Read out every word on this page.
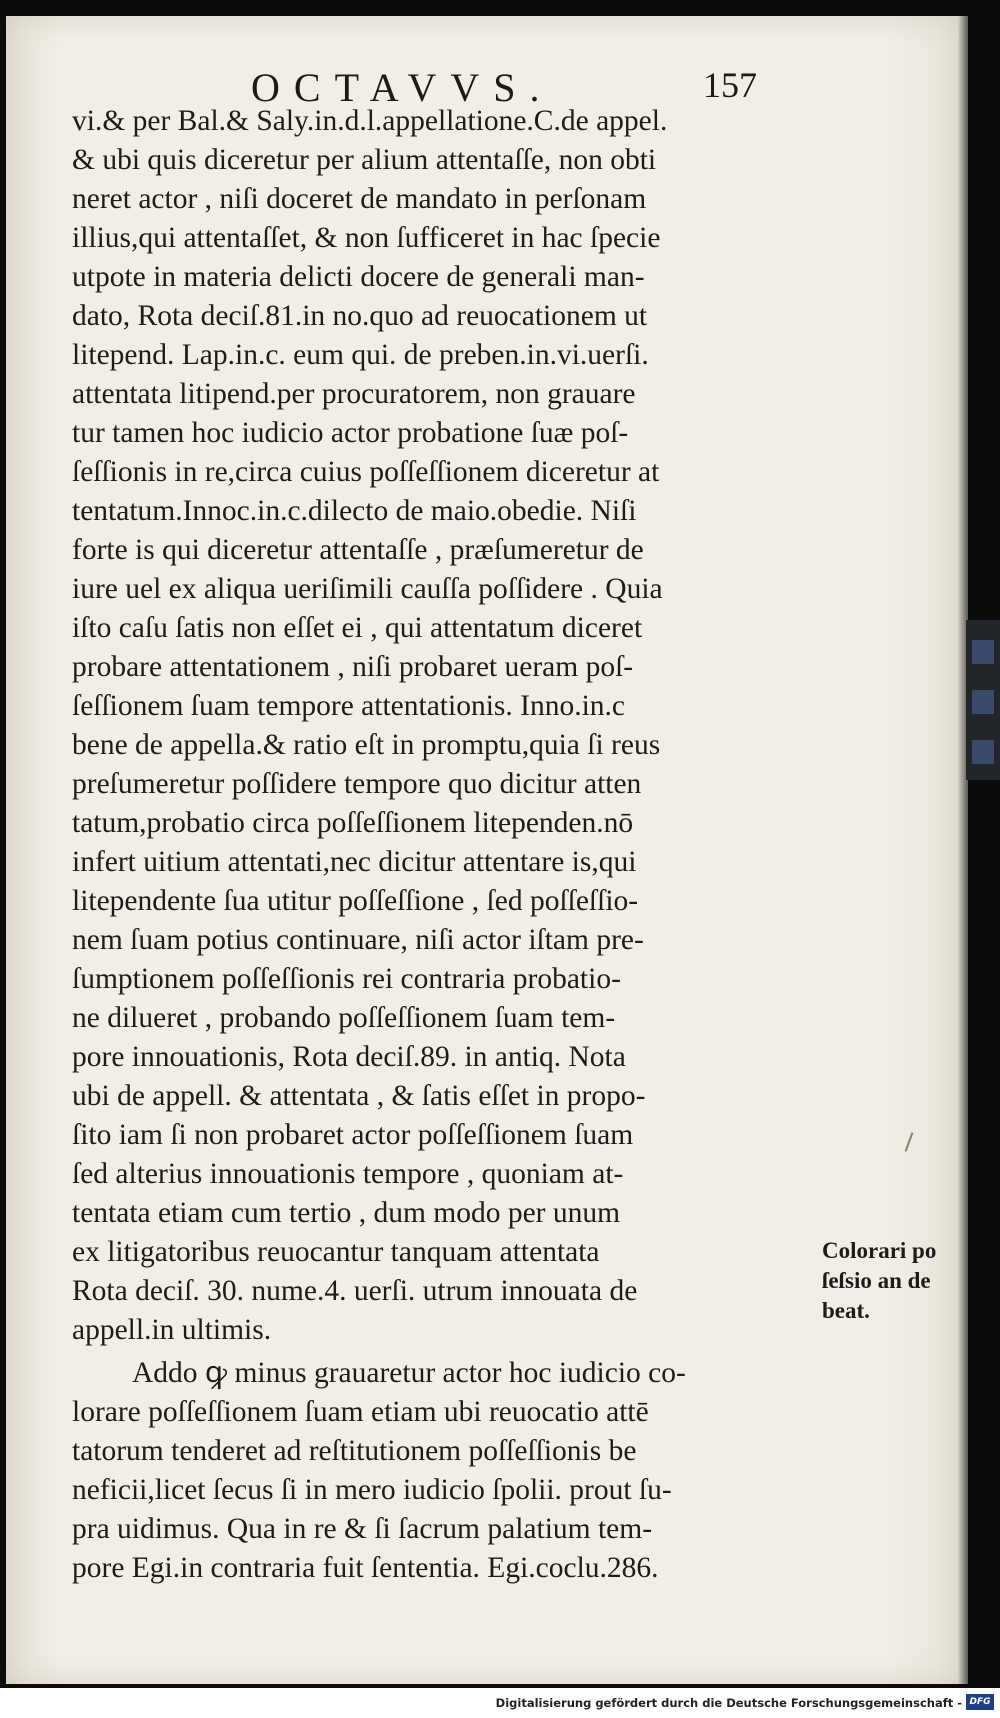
OCTAVVS.	157
vi.& per Bal.& Saly.in.d.l.appellatione.C.de appel.
& ubi quis diceretur per alium attentaſſe, non obti
neret actor , niſi doceret de mandato in perſonam
illius,qui attentaſſet, & non ſufficeret in hac ſpecie
utpote in materia delicti docere de generali man-
dato, Rota deciſ.81.in no.quo ad reuocationem ut
litepend. Lap.in.c. eum qui. de preben.in.vi.uerſi.
attentata litipend.per procuratorem, non grauare
tur tamen hoc iudicio actor probatione ſuæ poſ-
ſeſſionis in re,circa cuius poſſeſſionem diceretur at
tentatum.Innoc.in.c.dilecto de maio.obedie. Niſi
forte is qui diceretur attentaſſe , præſumeretur de
iure uel ex aliqua ueriſimili cauſſa poſſidere . Quia
iſto caſu ſatis non eſſet ei , qui attentatum diceret
probare attentationem , niſi probaret ueram poſ-
ſeſſionem ſuam tempore attentationis. Inno.in.c
bene de appella.& ratio eſt in promptu,quia ſi reus
preſumeretur poſſidere tempore quo dicitur atten
tatum,probatio circa poſſeſſionem litependen.nō
infert uitium attentati,nec dicitur attentare is,qui
litependente ſua utitur poſſeſſione , ſed poſſeſſio-
nem ſuam potius continuare, niſi actor iſtam pre-
ſumptionem poſſeſſionis rei contraria probatio-
ne dilueret , probando poſſeſſionem ſuam tem-
pore innouationis, Rota deciſ.89. in antiq. Nota
ubi de appell. & attentata , & ſatis eſſet in propo-
ſito iam ſi non probaret actor poſſeſſionem ſuam
ſed alterius innouationis tempore , quoniam at-
tentata etiam cum tertio , dum modo per unum
ex litigatoribus reuocantur tanquam attentata
Rota deciſ. 30. nume.4. uerſi. utrum innouata de
appell.in ultimis.
Addo ꝙ minus grauaretur actor hoc iudicio co-
lorare poſſeſſionem ſuam etiam ubi reuocatio attē
tatorum tenderet ad reſtitutionem poſſeſſionis be
neficii,licet ſecus ſi in mero iudicio ſpolii. prout ſu-
pra uidimus. Qua in re & ſi ſacrum palatium tem-
pore Egi.in contraria fuit ſententia. Egi.coclu.286.
Colorari po
ſeſsio an de
beat.
Digitalisierung gefördert durch die Deutsche Forschungsgemeinschaft - DFG
